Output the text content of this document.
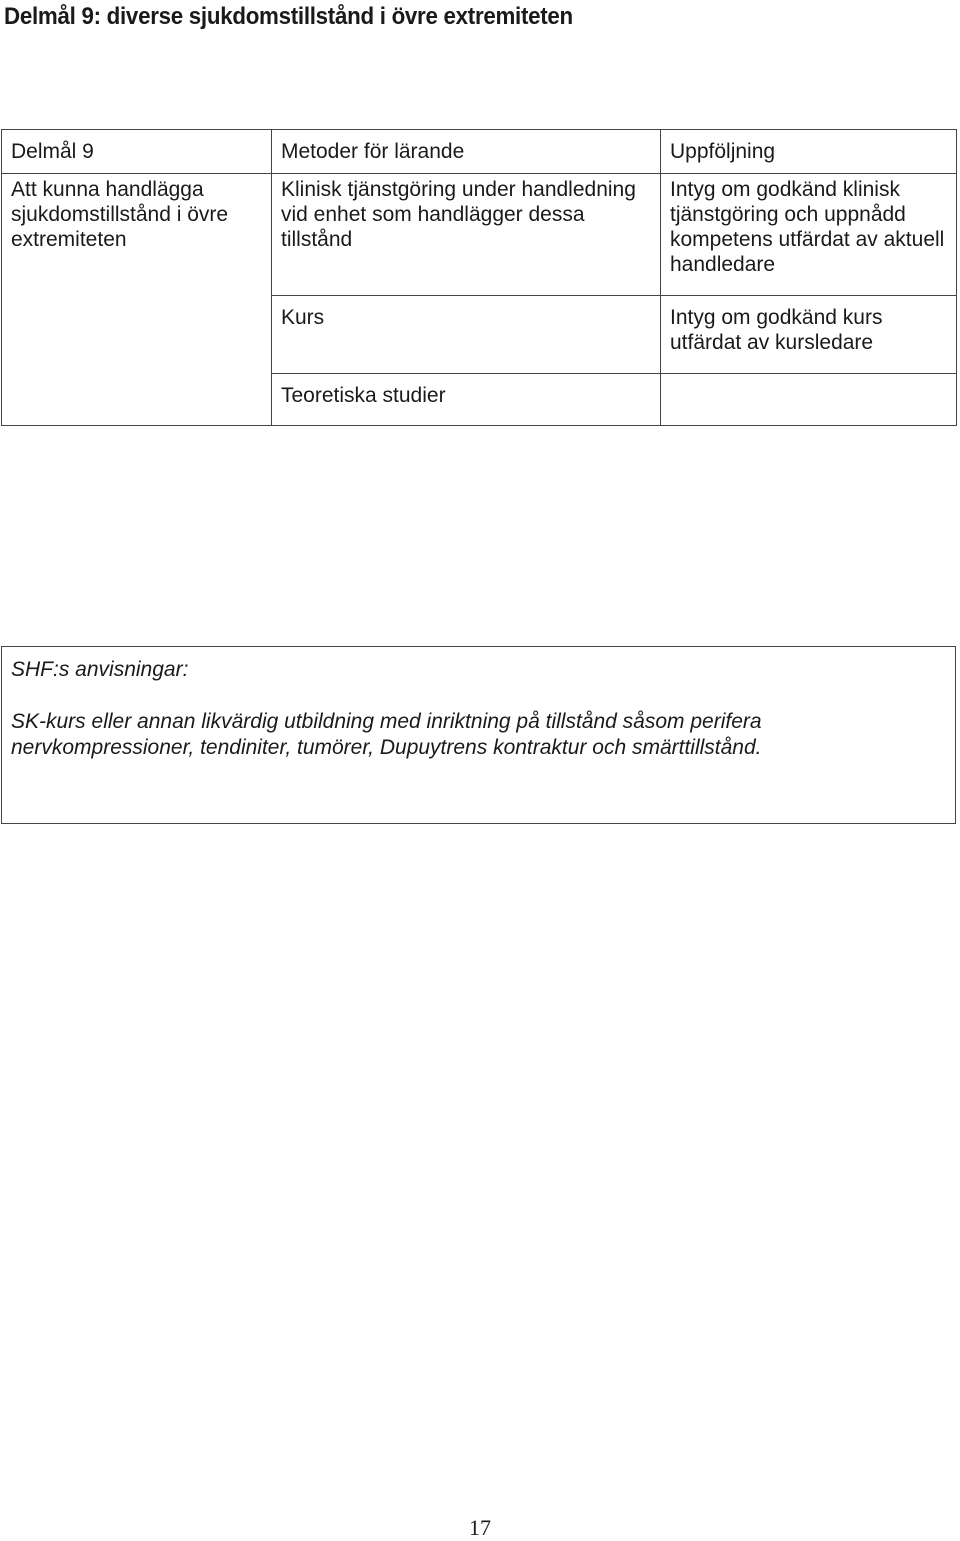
Delmål 9: diverse sjukdomstillstånd i övre extremiteten
Delmål 9	Metoder för lärande	Uppföljning
Att kunna handlägga sjukdomstillstånd i övre extremiteten	Klinisk tjänstgöring under handledning vid enhet som handlägger dessa tillstånd	Intyg om godkänd klinisk tjänstgöring och uppnådd kompetens utfärdat av aktuell handledare
	Kurs	Intyg om godkänd kurs utfärdat av kursledare
	Teoretiska studier	
SHF:s anvisningar:
SK-kurs eller annan likvärdig utbildning med inriktning på tillstånd såsom perifera nervkompressioner, tendiniter, tumörer, Dupuytrens kontraktur och smärttillstånd.
17
